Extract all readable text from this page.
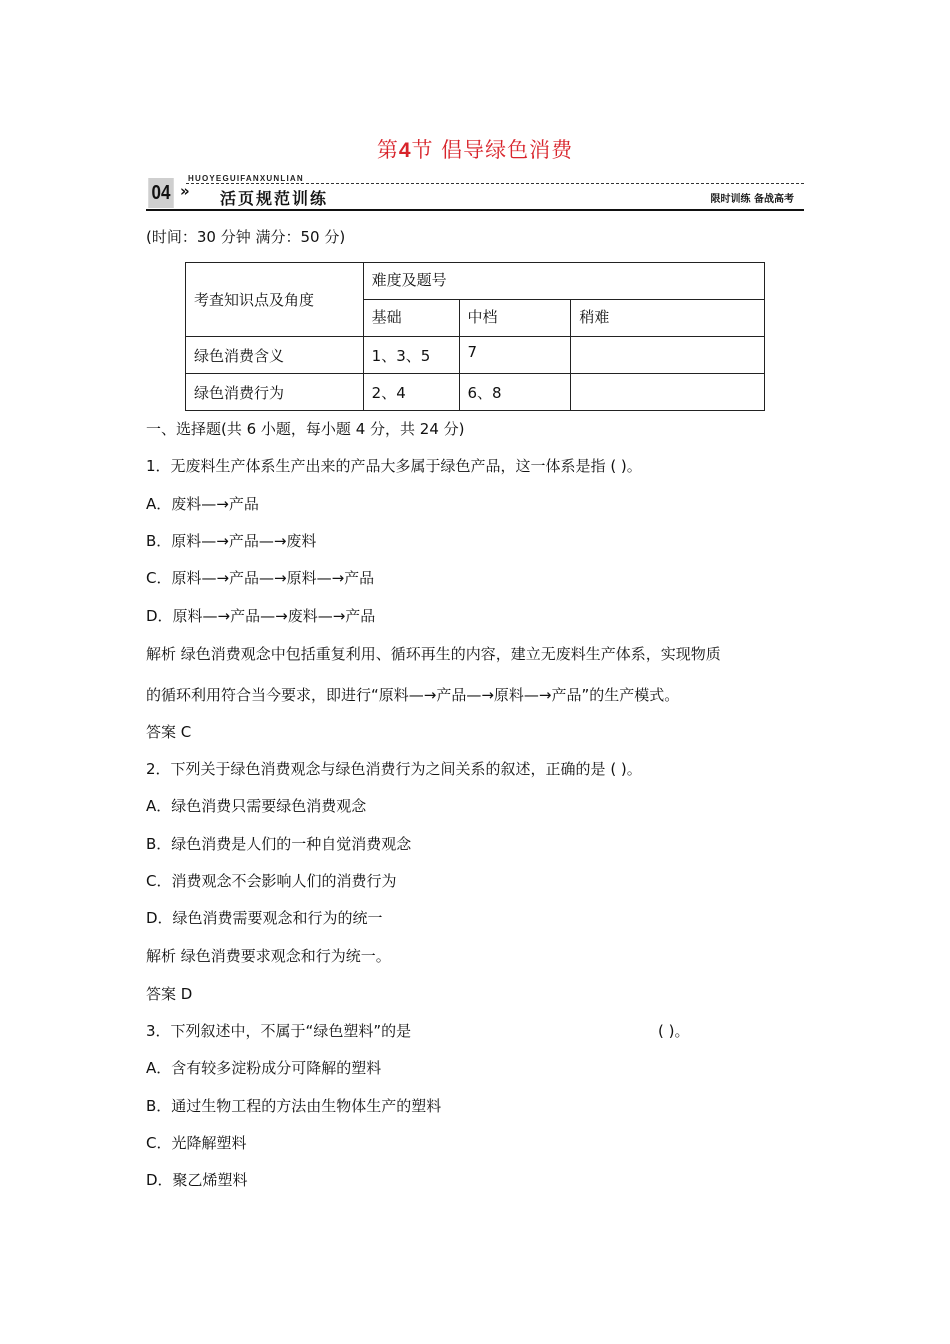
第4节 倡导绿色消费
HUOYEGUIFANXUNLIAN
04 » 活页规范训练	限时训练 备战高考
(时间：30 分钟 满分：50 分)
考查知识点及角度	难度及题号		
	基础	中档	稍难
绿色消费含义	1、3、5	7	
绿色消费行为	2、4	6、8	
一、选择题(共 6 小题，每小题 4 分，共 24 分)
1．无废料生产体系生产出来的产品大多属于绿色产品，这一体系是指 ( )。
A．废料—→产品
B．原料—→产品—→废料
C．原料—→产品—→原料—→产品
D．原料—→产品—→废料—→产品
解析 绿色消费观念中包括重复利用、循环再生的内容，建立无废料生产体系，实现物质
的循环利用符合当今要求，即进行“原料—→产品—→原料—→产品”的生产模式。
答案 C
2．下列关于绿色消费观念与绿色消费行为之间关系的叙述，正确的是 ( )。
A．绿色消费只需要绿色消费观念
B．绿色消费是人们的一种自觉消费观念
C．消费观念不会影响人们的消费行为
D．绿色消费需要观念和行为的统一
解析 绿色消费要求观念和行为统一。
答案 D
3．下列叙述中，不属于“绿色塑料”的是	( )。
A．含有较多淀粉成分可降解的塑料
B．通过生物工程的方法由生物体生产的塑料
C．光降解塑料
D．聚乙烯塑料
